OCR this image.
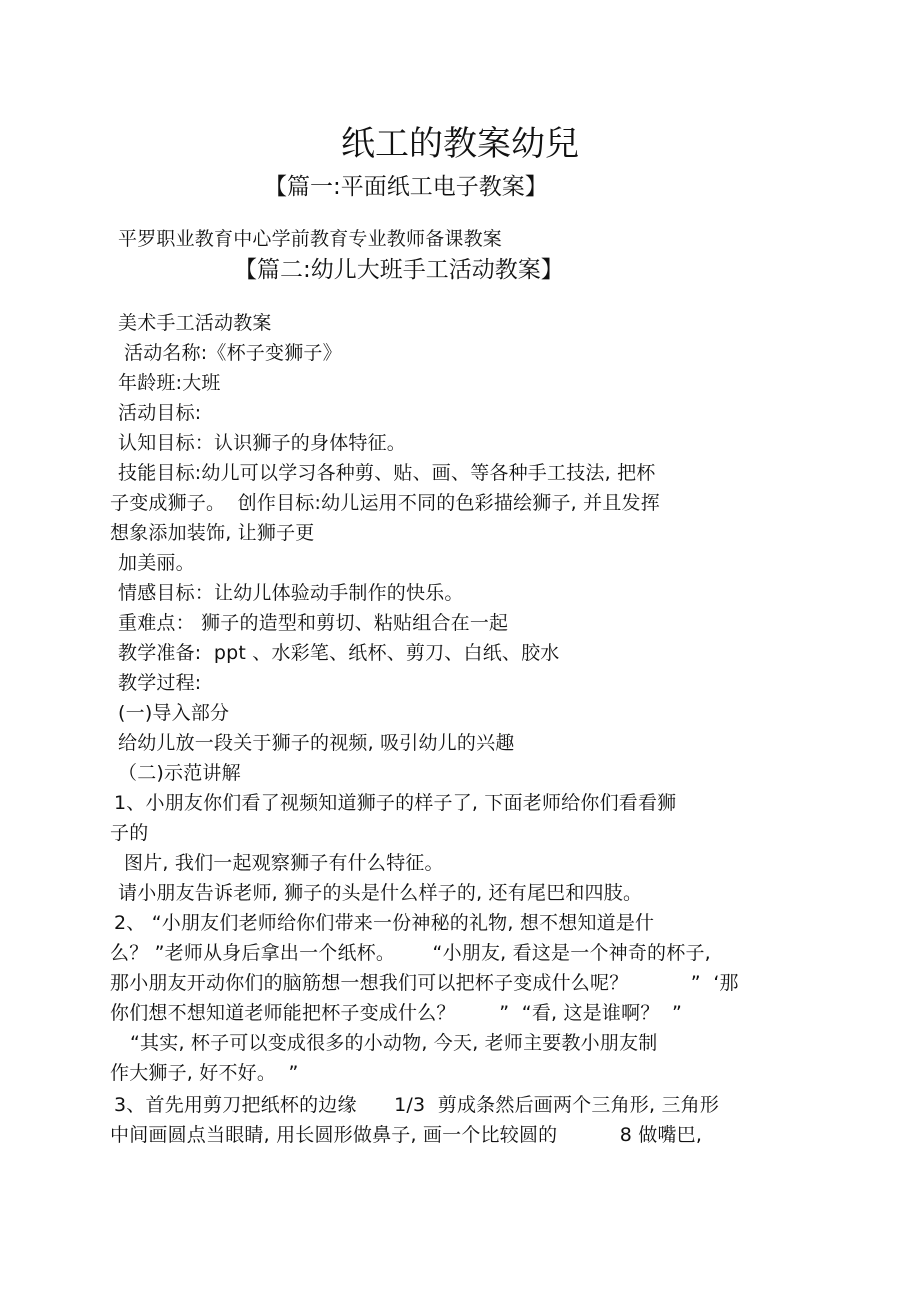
纸工的教案幼兒
【篇一:平面纸工电子教案】
平罗职业教育中心学前教育专业教师备课教案
【篇二:幼儿大班手工活动教案】
美术手工活动教案
活动名称:《杯子变狮子》
年龄班:大班
活动目标:
认知目标：认识狮子的身体特征。
技能目标:幼儿可以学习各种剪、贴、画、等各种手工技法, 把杯
子变成狮子。  创作目标:幼儿运用不同的色彩描绘狮子, 并且发挥
想象添加装饰, 让狮子更
加美丽。
情感目标：让幼儿体验动手制作的快乐。
重难点： 狮子的造型和剪切、粘贴组合在一起
教学准备:  ppt 、水彩笔、纸杯、剪刀、白纸、胶水
教学过程:
(一)导入部分
给幼儿放一段关于狮子的视频, 吸引幼儿的兴趣
（二)示范讲解
1、小朋友你们看了视频知道狮子的样子了, 下面老师给你们看看狮
子的
图片, 我们一起观察狮子有什么特征。
请小朋友告诉老师, 狮子的头是什么样子的, 还有尾巴和四肢。
2、 “小朋友们老师给你们带来一份神秘的礼物, 想不想知道是什
么？ ”老师从身后拿出一个纸杯。      “小朋友, 看这是一个神奇的杯子,
那小朋友开动你们的脑筋想一想我们可以把杯子变成什么呢？          ”  ‘那
你们想不想知道老师能把杯子变成什么？       ”  “看, 这是谁啊？  ”
“其实, 杯子可以变成很多的小动物, 今天, 老师主要教小朋友制
作大狮子, 好不好。  ”
3、首先用剪刀把纸杯的边缘      1/3  剪成条然后画两个三角形, 三角形
中间画圆点当眼睛, 用长圆形做鼻子, 画一个比较圆的          8 做嘴巴,
